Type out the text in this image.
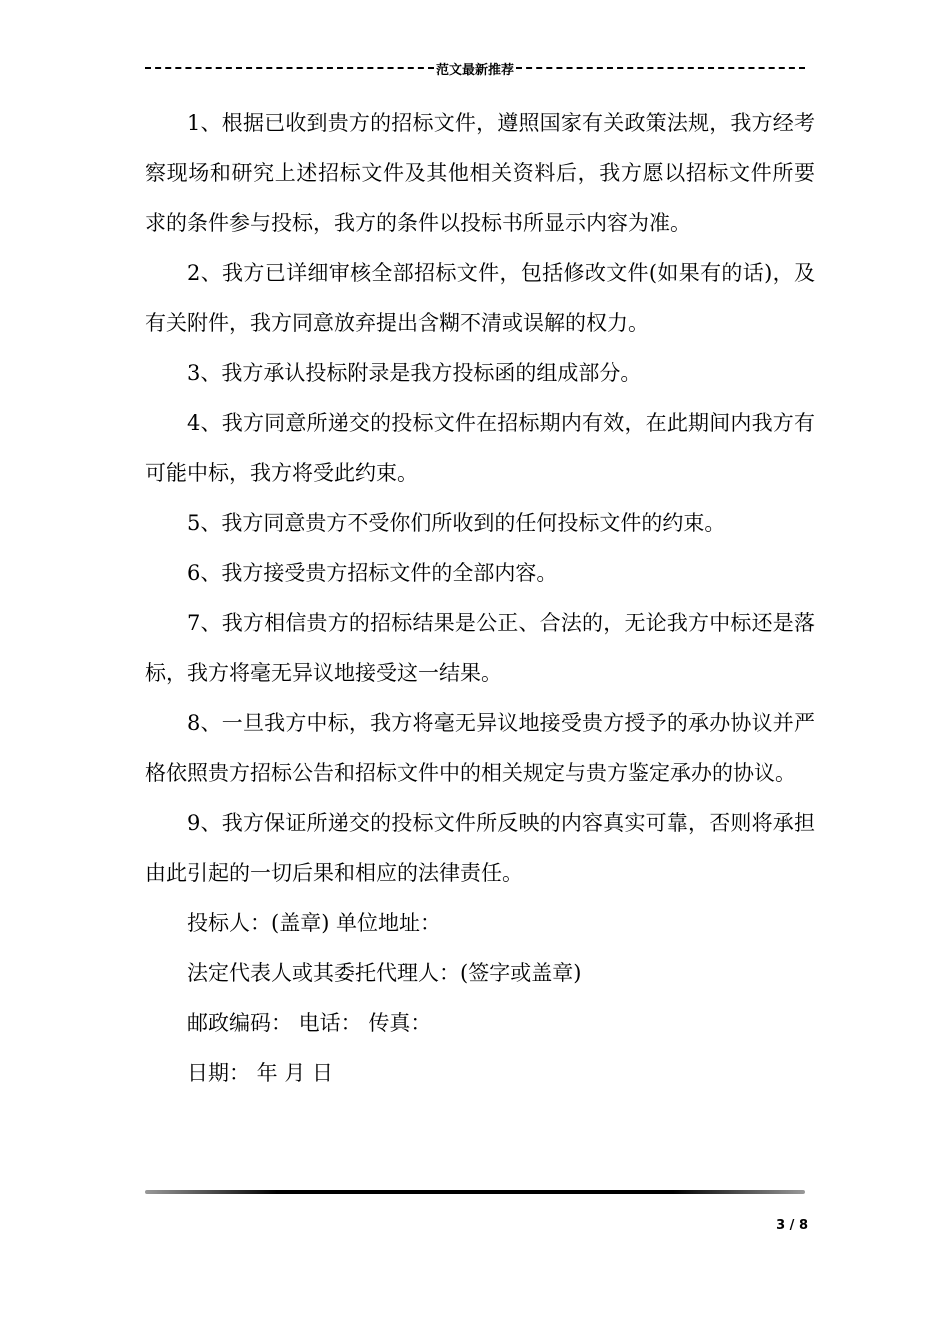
范文最新推荐

1、根据已收到贵方的招标文件，遵照国家有关政策法规，我方经考察现场和研究上述招标文件及其他相关资料后，我方愿以招标文件所要求的条件参与投标，我方的条件以投标书所显示内容为准。

2、我方已详细审核全部招标文件，包括修改文件(如果有的话)，及有关附件，我方同意放弃提出含糊不清或误解的权力。

3、我方承认投标附录是我方投标函的组成部分。

4、我方同意所递交的投标文件在招标期内有效，在此期间内我方有可能中标，我方将受此约束。

5、我方同意贵方不受你们所收到的任何投标文件的约束。

6、我方接受贵方招标文件的全部内容。

7、我方相信贵方的招标结果是公正、合法的，无论我方中标还是落标，我方将毫无异议地接受这一结果。

8、一旦我方中标，我方将毫无异议地接受贵方授予的承办协议并严格依照贵方招标公告和招标文件中的相关规定与贵方鉴定承办的协议。

9、我方保证所递交的投标文件所反映的内容真实可靠，否则将承担由此引起的一切后果和相应的法律责任。

投标人：(盖章) 单位地址：

法定代表人或其委托代理人：(签字或盖章)

邮政编码： 电话： 传真：

日期： 年 月 日

3 / 8
